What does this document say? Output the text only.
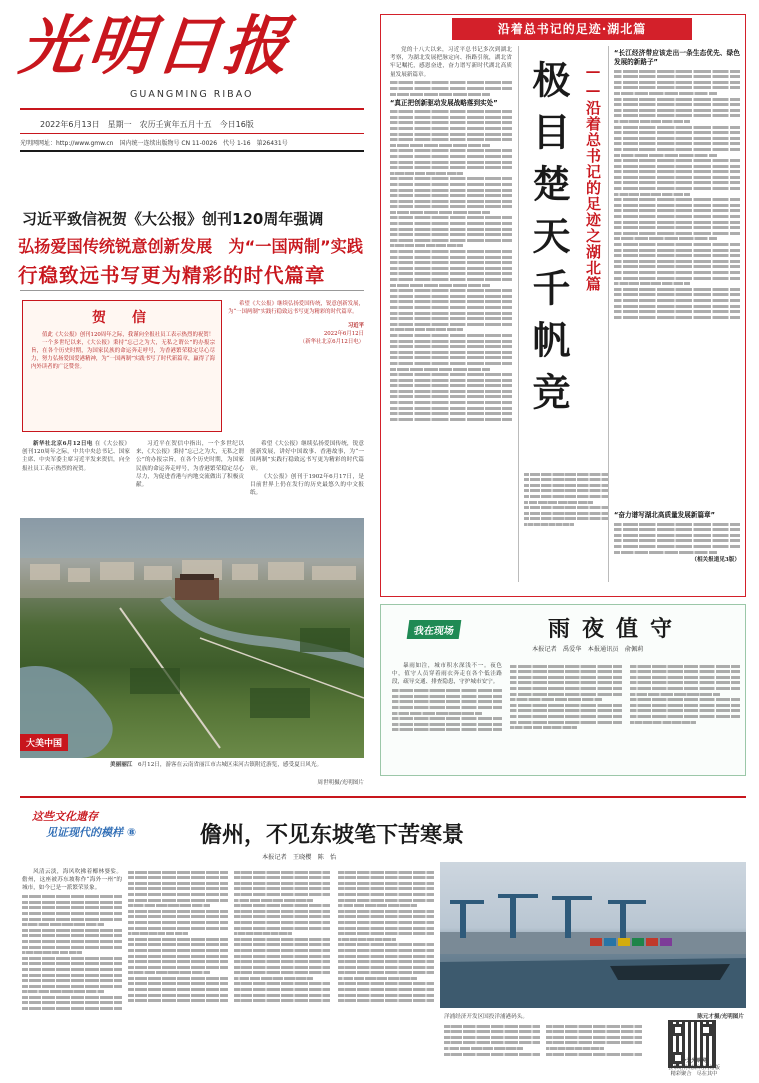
光明日报
GUANGMING RIBAO
2022年6月13日　星期一　农历壬寅年五月十五　今日16版
光明网网址：http://www.gmw.cn　国内统一连续出版物号 CN 11-0026　代号 1-16　第26431号
习近平致信祝贺《大公报》创刊120周年强调
弘扬爱国传统锐意创新发展　为“一国两制”实践
行稳致远书写更为精彩的时代篇章
贺　信

值此《大公报》创刊120周年之际，我谨向全报社员工表示热烈的祝贺！

一个多世纪以来，《大公报》秉持“忘己之为大，无私之谓公”的办报宗旨，在各个历史时期，为国家民族的命运奔走呼号，为香港繁荣稳定尽心尽力，努力弘扬爱国爱港精神，为“一国两制”实践书写了时代新篇章，赢得了海内外读者的广泛赞誉。

希望《大公报》继续弘扬爱国传统，锐意创新发展，为“一国两制”实践行稳致远书写更为精彩的时代篇章。

习近平
2022年6月12日
（新华社北京6月12日电）

新华社北京6月12日电 在《大公报》创刊120周年之际，中共中央总书记、国家主席、中央军委主席习近平发来贺信，向全报社员工表示热烈的祝贺。

习近平在贺信中指出，一个多世纪以来，《大公报》秉持“忘己之为大，无私之谓公”的办报宗旨，在各个历史时期，为国家民族的命运奔走呼号，为香港繁荣稳定尽心尽力，为促进香港与内地交流做出了积极贡献。

希望《大公报》继续弘扬爱国传统，锐意创新发展，讲好中国故事、香港故事，为“一国两制”实践行稳致远书写更为精彩的时代篇章。

《大公报》创刊于1902年6月17日，是目前世界上仍在发行的历史最悠久的中文报纸。

大美中国
美丽丽江　 6月12日，游客在云南省丽江市古城区束河古镇附近游览，感受夏日风光。
周世明摄/光明图片
沿着总书记的足迹·湖北篇

党的十八大以来，习近平总书记多次到湖北考察，为湖北发展把脉定向、指路引航，湖北省牢记嘱托，感恩奋进，奋力谱写新时代湖北高质量发展新篇章。

“真正把创新驱动发展战略落到实处” 极目楚天千帆竞 ——沿着总书记的足迹之湖北篇
“长江经济带应该走出一条生态优先、绿色发展的新路子”
“奋力谱写湖北高质量发展新篇章”
（相关报道见3版）
我在现场	雨夜值守
本报记者　禹爱华　本报通讯员　俞佩莉

暴雨如注，城市积水深浅不一。夜色中，值守人员穿着雨衣奔走在各个低洼路段，疏导交通、排查隐患，守护城市安宁。

这些文化遗存
见证现代的模样 ⑧	儋州，不见东坡笔下苦寒景
本报记者　王晓樱　陈　怡

风清云淡，海风吹拂着椰林婆娑。儋州，这座被苏东坡称作“海外一州”的城市，如今已是一派繁荣景象。

洋浦经济开发区国投洋浦港码头。	陈元才摄/光明图片
今天光明网
会带给你精彩的网络版
精彩聚合　尽在其中
